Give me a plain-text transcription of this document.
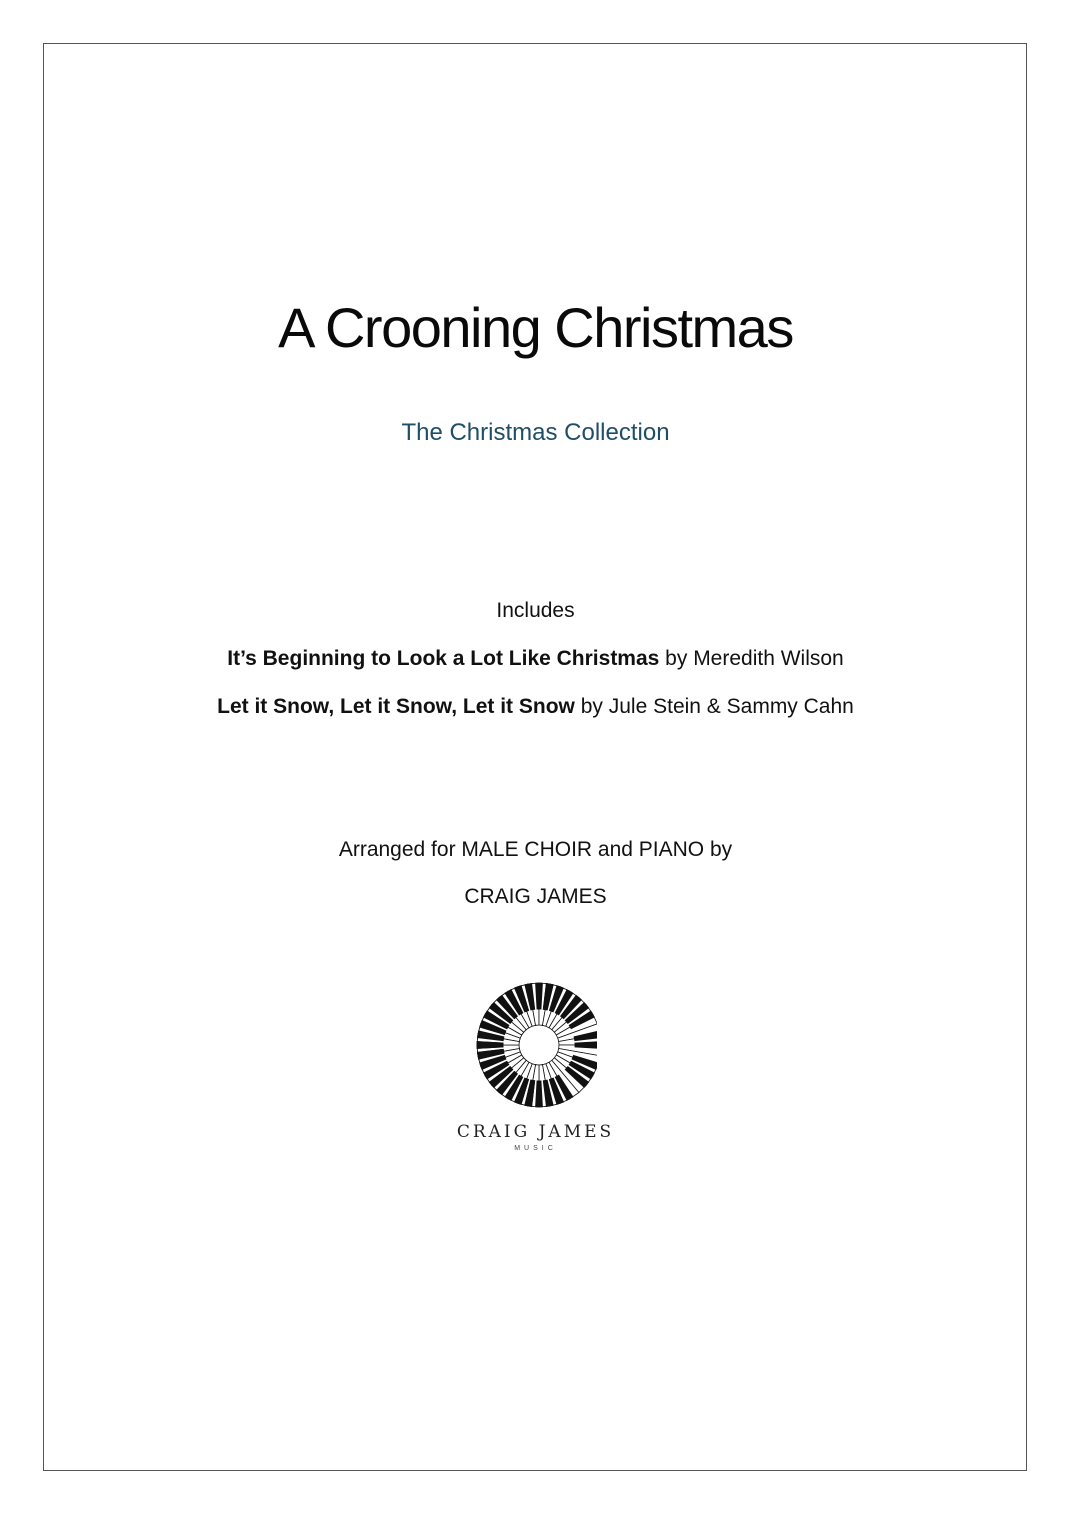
A Crooning Christmas
The Christmas Collection
Includes
It’s Beginning to Look a Lot Like Christmas by Meredith Wilson
Let it Snow, Let it Snow, Let it Snow by Jule Stein & Sammy Cahn
Arranged for MALE CHOIR and PIANO by
CRAIG JAMES
CRAIG JAMES
MUSIC
